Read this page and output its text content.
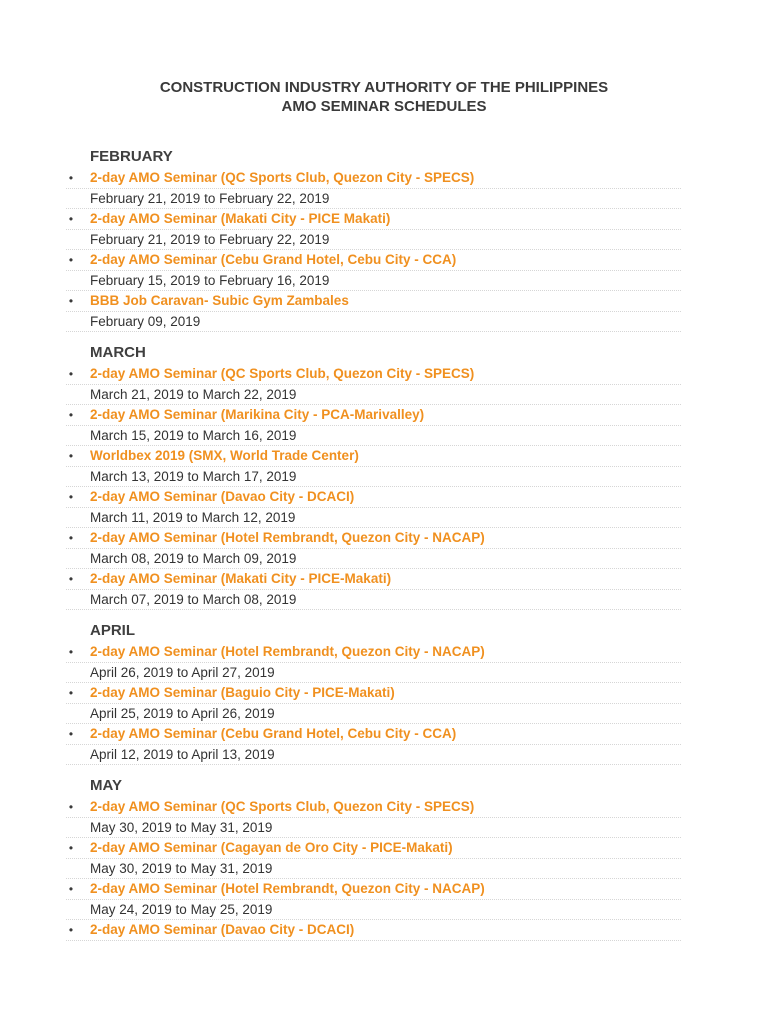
CONSTRUCTION INDUSTRY AUTHORITY OF THE PHILIPPINES
AMO SEMINAR SCHEDULES
FEBRUARY
• 2-day AMO Seminar (QC Sports Club, Quezon City - SPECS)
February 21, 2019 to February 22, 2019
• 2-day AMO Seminar (Makati City - PICE Makati)
February 21, 2019 to February 22, 2019
• 2-day AMO Seminar (Cebu Grand Hotel, Cebu City - CCA)
February 15, 2019 to February 16, 2019
• BBB Job Caravan- Subic Gym Zambales
February 09, 2019
MARCH
• 2-day AMO Seminar (QC Sports Club, Quezon City - SPECS)
March 21, 2019 to March 22, 2019
• 2-day AMO Seminar (Marikina City - PCA-Marivalley)
March 15, 2019 to March 16, 2019
• Worldbex 2019 (SMX, World Trade Center)
March 13, 2019 to March 17, 2019
• 2-day AMO Seminar (Davao City - DCACI)
March 11, 2019 to March 12, 2019
• 2-day AMO Seminar (Hotel Rembrandt, Quezon City - NACAP)
March 08, 2019 to March 09, 2019
• 2-day AMO Seminar (Makati City - PICE-Makati)
March 07, 2019 to March 08, 2019
APRIL
• 2-day AMO Seminar (Hotel Rembrandt, Quezon City - NACAP)
April 26, 2019 to April 27, 2019
• 2-day AMO Seminar (Baguio City - PICE-Makati)
April 25, 2019 to April 26, 2019
• 2-day AMO Seminar (Cebu Grand Hotel, Cebu City - CCA)
April 12, 2019 to April 13, 2019
MAY
• 2-day AMO Seminar (QC Sports Club, Quezon City - SPECS)
May 30, 2019 to May 31, 2019
• 2-day AMO Seminar (Cagayan de Oro City - PICE-Makati)
May 30, 2019 to May 31, 2019
• 2-day AMO Seminar (Hotel Rembrandt, Quezon City - NACAP)
May 24, 2019 to May 25, 2019
• 2-day AMO Seminar (Davao City - DCACI)
